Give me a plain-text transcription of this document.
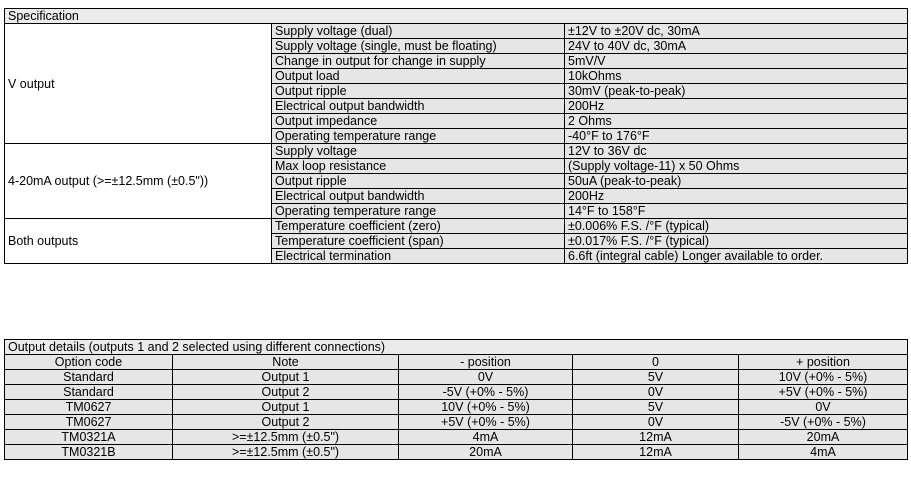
Specification		
V output	Supply voltage (dual)	±12V to ±20V dc, 30mA
	Supply voltage (single, must be floating)	24V to 40V dc, 30mA
	Change in output for change in supply	5mV/V
	Output load	10kOhms
	Output ripple	30mV (peak-to-peak)
	Electrical output bandwidth	200Hz
	Output impedance	2 Ohms
	Operating temperature range	-40°F to 176°F
4-20mA output (>=±12.5mm (±0.5"))	Supply voltage	12V to 36V dc
	Max loop resistance	(Supply voltage-11) x 50 Ohms
	Output ripple	50uA (peak-to-peak)
	Electrical output bandwidth	200Hz
	Operating temperature range	14°F to 158°F
Both outputs	Temperature coefficient (zero)	±0.006% F.S. /°F (typical)
	Temperature coefficient (span)	±0.017% F.S. /°F (typical)
	Electrical termination	6.6ft (integral cable) Longer available to order.
Output details (outputs 1 and 2 selected using different connections)				
Option code	Note	- position	0	+ position
Standard	Output 1	0V	5V	10V (+0% - 5%)
Standard	Output 2	-5V (+0% - 5%)	0V	+5V (+0% - 5%)
TM0627	Output 1	10V (+0% - 5%)	5V	0V
TM0627	Output 2	+5V (+0% - 5%)	0V	-5V (+0% - 5%)
TM0321A	>=±12.5mm (±0.5")	4mA	12mA	20mA
TM0321B	>=±12.5mm (±0.5")	20mA	12mA	4mA
